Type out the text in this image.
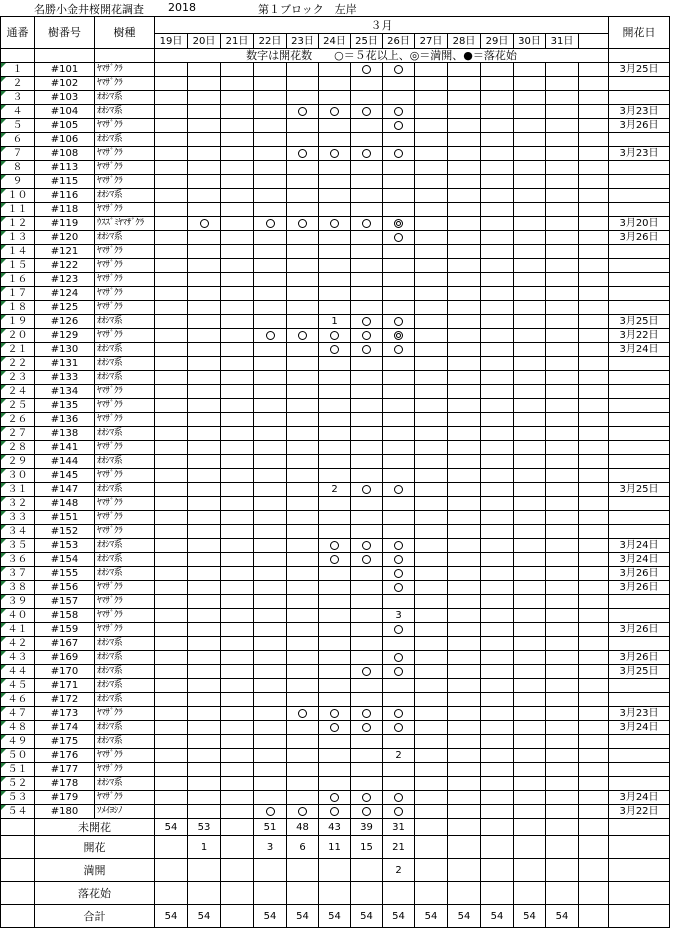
名勝小金井桜開花調査 2018	第１ブロック　左岸
通番	樹番号	樹種	３月														開花日
			19日	20日	21日	22日	23日	24日	25日	26日	27日	28日	29日	30日	31日		
			数字は開花数　　○＝５花以上、◎＝満開、●＝落花始														
１	#101	ﾔﾏｻﾞｸﾗ															3月25日
２	#102	ﾔﾏｻﾞｸﾗ															
３	#103	ｵｵｼﾏ系															
４	#104	ｵｵｼﾏ系															3月23日
５	#105	ﾔﾏｻﾞｸﾗ															3月26日
６	#106	ｵｵｼﾏ系															
７	#108	ﾔﾏｻﾞｸﾗ															3月23日
８	#113	ﾔﾏｻﾞｸﾗ															
９	#115	ﾔﾏｻﾞｸﾗ															
１０	#116	ｵｵｼﾏ系															
１１	#118	ﾔﾏｻﾞｸﾗ															
１２	#119	ｳｽｽﾞﾐﾔﾏｻﾞｸﾗ															3月20日
１３	#120	ｵｵｼﾏ系															3月26日
１４	#121	ﾔﾏｻﾞｸﾗ															
１５	#122	ﾔﾏｻﾞｸﾗ															
１６	#123	ﾔﾏｻﾞｸﾗ															
１７	#124	ﾔﾏｻﾞｸﾗ															
１８	#125	ﾔﾏｻﾞｸﾗ															
１９	#126	ｵｵｼﾏ系						1									3月25日
２０	#129	ﾔﾏｻﾞｸﾗ															3月22日
２１	#130	ｵｵｼﾏ系															3月24日
２２	#131	ｵｵｼﾏ系															
２３	#133	ｵｵｼﾏ系															
２４	#134	ﾔﾏｻﾞｸﾗ															
２５	#135	ﾔﾏｻﾞｸﾗ															
２６	#136	ﾔﾏｻﾞｸﾗ															
２７	#138	ｵｵｼﾏ系															
２８	#141	ﾔﾏｻﾞｸﾗ															
２９	#144	ｵｵｼﾏ系															
３０	#145	ﾔﾏｻﾞｸﾗ															
３１	#147	ｵｵｼﾏ系						2									3月25日
３２	#148	ﾔﾏｻﾞｸﾗ															
３３	#151	ﾔﾏｻﾞｸﾗ															
３４	#152	ﾔﾏｻﾞｸﾗ															
３５	#153	ｵｵｼﾏ系															3月24日
３６	#154	ｵｵｼﾏ系															3月24日
３７	#155	ｵｵｼﾏ系															3月26日
３８	#156	ﾔﾏｻﾞｸﾗ															3月26日
３９	#157	ﾔﾏｻﾞｸﾗ															
４０	#158	ﾔﾏｻﾞｸﾗ								3							
４１	#159	ﾔﾏｻﾞｸﾗ															3月26日
４２	#167	ｵｵｼﾏ系															
４３	#169	ｵｵｼﾏ系															3月26日
４４	#170	ｵｵｼﾏ系															3月25日
４５	#171	ｵｵｼﾏ系															
４６	#172	ｵｵｼﾏ系															
４７	#173	ﾔﾏｻﾞｸﾗ															3月23日
４８	#174	ｵｵｼﾏ系															3月24日
４９	#175	ｵｵｼﾏ系															
５０	#176	ﾔﾏｻﾞｸﾗ								2							
５１	#177	ﾔﾏｻﾞｸﾗ															
５２	#178	ｵｵｼﾏ系															
５３	#179	ﾔﾏｻﾞｸﾗ															3月24日
５４	#180	ｿﾒｲﾖｼﾉ															3月22日
	未開花		54	53		51	48	43	39	31							
	開花			1		3	6	11	15	21							
	満開									2							
	落花始																
	合計		54	54		54	54	54	54	54	54	54	54	54	54		
